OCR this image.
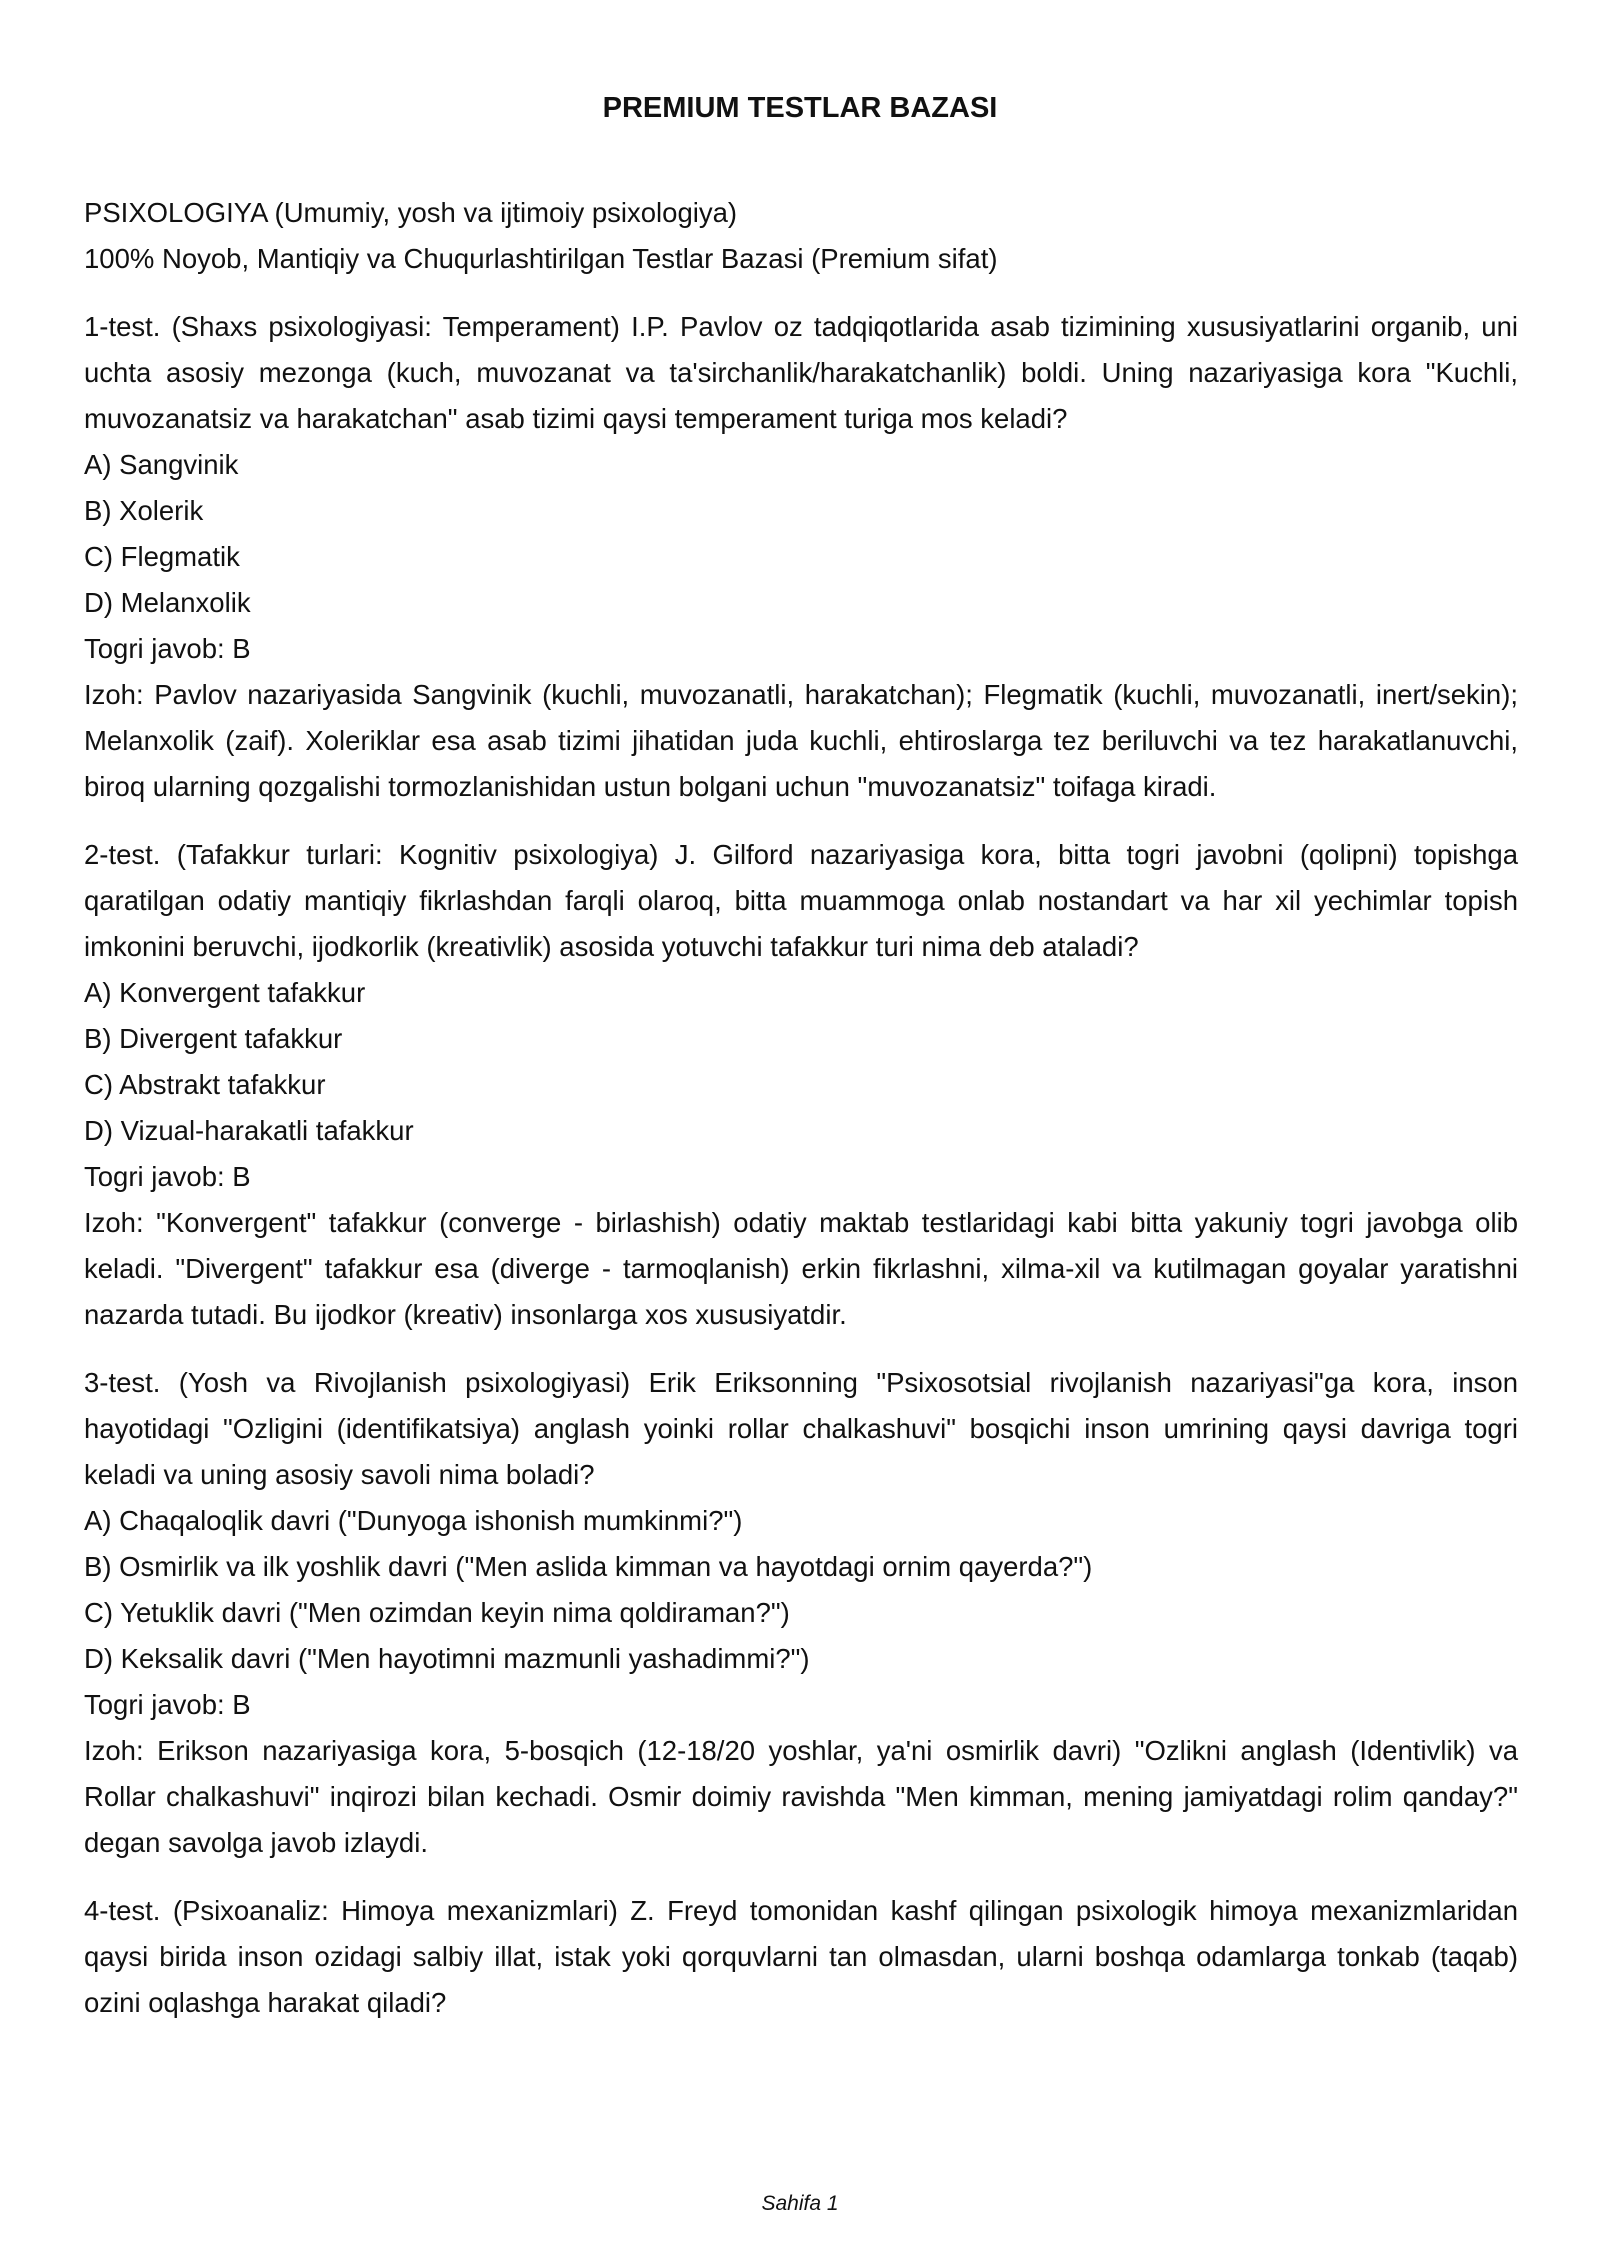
PREMIUM TESTLAR BAZASI

PSIXOLOGIYA (Umumiy, yosh va ijtimoiy psixologiya)

100% Noyob, Mantiqiy va Chuqurlashtirilgan Testlar Bazasi (Premium sifat)

1-test. (Shaxs psixologiyasi: Temperament) I.P. Pavlov oz tadqiqotlarida asab tizimining xususiyatlarini organib, uni uchta asosiy mezonga (kuch, muvozanat va ta'sirchanlik/harakatchanlik) boldi. Uning nazariyasiga kora "Kuchli, muvozanatsiz va harakatchan" asab tizimi qaysi temperament turiga mos keladi?

A) Sangvinik

B) Xolerik

C) Flegmatik

D) Melanxolik

Togri javob: B

Izoh: Pavlov nazariyasida Sangvinik (kuchli, muvozanatli, harakatchan); Flegmatik (kuchli, muvozanatli, inert/sekin); Melanxolik (zaif). Xoleriklar esa asab tizimi jihatidan juda kuchli, ehtiroslarga tez beriluvchi va tez harakatlanuvchi, biroq ularning qozgalishi tormozlanishidan ustun bolgani uchun "muvozanatsiz" toifaga kiradi.

2-test. (Tafakkur turlari: Kognitiv psixologiya) J. Gilford nazariyasiga kora, bitta togri javobni (qolipni) topishga qaratilgan odatiy mantiqiy fikrlashdan farqli olaroq, bitta muammoga onlab nostandart va har xil yechimlar topish imkonini beruvchi, ijodkorlik (kreativlik) asosida yotuvchi tafakkur turi nima deb ataladi?

A) Konvergent tafakkur

B) Divergent tafakkur

C) Abstrakt tafakkur

D) Vizual-harakatli tafakkur

Togri javob: B

Izoh: "Konvergent" tafakkur (converge - birlashish) odatiy maktab testlaridagi kabi bitta yakuniy togri javobga olib keladi. "Divergent" tafakkur esa (diverge - tarmoqlanish) erkin fikrlashni, xilma-xil va kutilmagan goyalar yaratishni nazarda tutadi. Bu ijodkor (kreativ) insonlarga xos xususiyatdir.

3-test. (Yosh va Rivojlanish psixologiyasi) Erik Eriksonning "Psixosotsial rivojlanish nazariyasi"ga kora, inson hayotidagi "Ozligini (identifikatsiya) anglash yoinki rollar chalkashuvi" bosqichi inson umrining qaysi davriga togri keladi va uning asosiy savoli nima boladi?

A) Chaqaloqlik davri ("Dunyoga ishonish mumkinmi?")

B) Osmirlik va ilk yoshlik davri ("Men aslida kimman va hayotdagi ornim qayerda?")

C) Yetuklik davri ("Men ozimdan keyin nima qoldiraman?")

D) Keksalik davri ("Men hayotimni mazmunli yashadimmi?")

Togri javob: B

Izoh: Erikson nazariyasiga kora, 5-bosqich (12-18/20 yoshlar, ya'ni osmirlik davri) "Ozlikni anglash (Identivlik) va Rollar chalkashuvi" inqirozi bilan kechadi. Osmir doimiy ravishda "Men kimman, mening jamiyatdagi rolim qanday?" degan savolga javob izlaydi.

4-test. (Psixoanaliz: Himoya mexanizmlari) Z. Freyd tomonidan kashf qilingan psixologik himoya mexanizmlaridan qaysi birida inson ozidagi salbiy illat, istak yoki qorquvlarni tan olmasdan, ularni boshqa odamlarga tonkab (taqab) ozini oqlashga harakat qiladi?

Sahifa 1
